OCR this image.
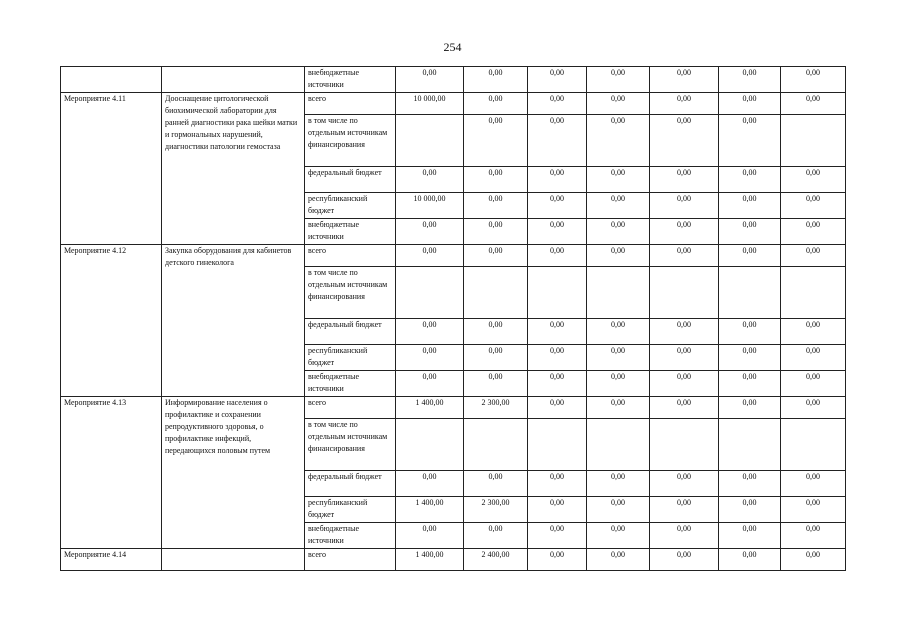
254
		внебюджетные источники	0,00	0,00	0,00	0,00	0,00	0,00	0,00
Мероприятие 4.11	Дооснащение цитологической биохимической лаборатории для ранней диагностики рака шейки матки и гормональных нарушений, диагностики патологии гемостаза	всего	10 000,00	0,00	0,00	0,00	0,00	0,00	0,00
		в том числе по отдельным источникам финансирования		0,00	0,00	0,00	0,00	0,00	
		федеральный бюджет	0,00	0,00	0,00	0,00	0,00	0,00	0,00
		республиканский бюджет	10 000,00	0,00	0,00	0,00	0,00	0,00	0,00
		внебюджетные источники	0,00	0,00	0,00	0,00	0,00	0,00	0,00
Мероприятие 4.12	Закупка оборудования для кабинетов детского гинеколога	всего	0,00	0,00	0,00	0,00	0,00	0,00	0,00
		в том числе по отдельным источникам финансирования							
		федеральный бюджет	0,00	0,00	0,00	0,00	0,00	0,00	0,00
		республиканский бюджет	0,00	0,00	0,00	0,00	0,00	0,00	0,00
		внебюджетные источники	0,00	0,00	0,00	0,00	0,00	0,00	0,00
Мероприятие 4.13	Информирование населения о профилактике и сохранении репродуктивного здоровья, о профилактике инфекций, передающихся половым путем	всего	1 400,00	2 300,00	0,00	0,00	0,00	0,00	0,00
		в том числе по отдельным источникам финансирования							
		федеральный бюджет	0,00	0,00	0,00	0,00	0,00	0,00	0,00
		республиканский бюджет	1 400,00	2 300,00	0,00	0,00	0,00	0,00	0,00
		внебюджетные источники	0,00	0,00	0,00	0,00	0,00	0,00	0,00
Мероприятие 4.14		всего	1 400,00	2 400,00	0,00	0,00	0,00	0,00	0,00
